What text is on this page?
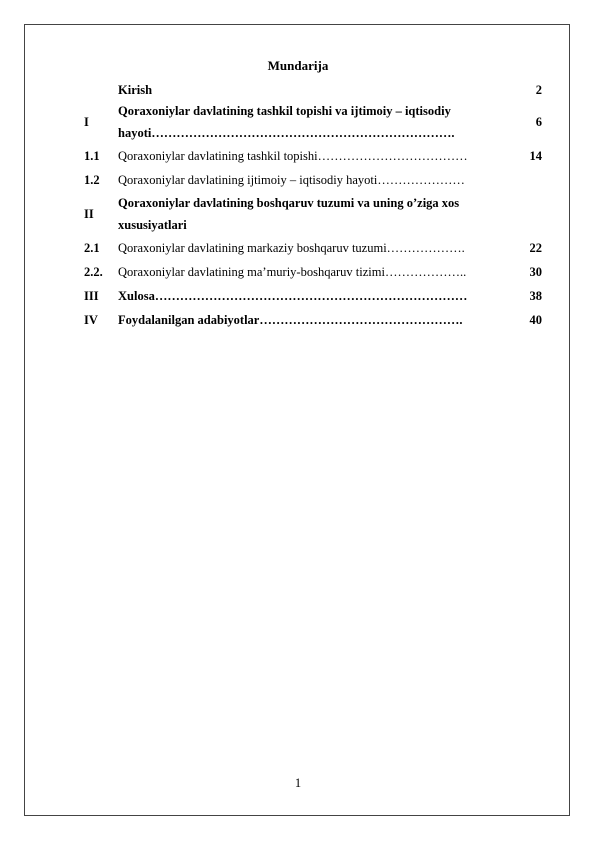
Mundarija
	Kirish	2
I	Qoraxoniylar davlatining tashkil topishi va ijtimoiy – iqtisodiy hayoti……………………………………………………………….	6
1.1	Qoraxoniylar davlatining tashkil topishi………………………………	14
1.2	Qoraxoniylar davlatining ijtimoiy – iqtisodiy hayoti…………………	
II	Qoraxoniylar davlatining boshqaruv tuzumi va uning o’ziga xos xususiyatlari	
2.1	Qoraxoniylar davlatining markaziy boshqaruv tuzumi……………….	22
2.2.	Qoraxoniylar davlatining ma’muriy-boshqaruv tizimi………………..	30
III	Xulosa…………………………………………………………………	38
IV	Foydalanilgan adabiyotlar………………………………………….	40
1
